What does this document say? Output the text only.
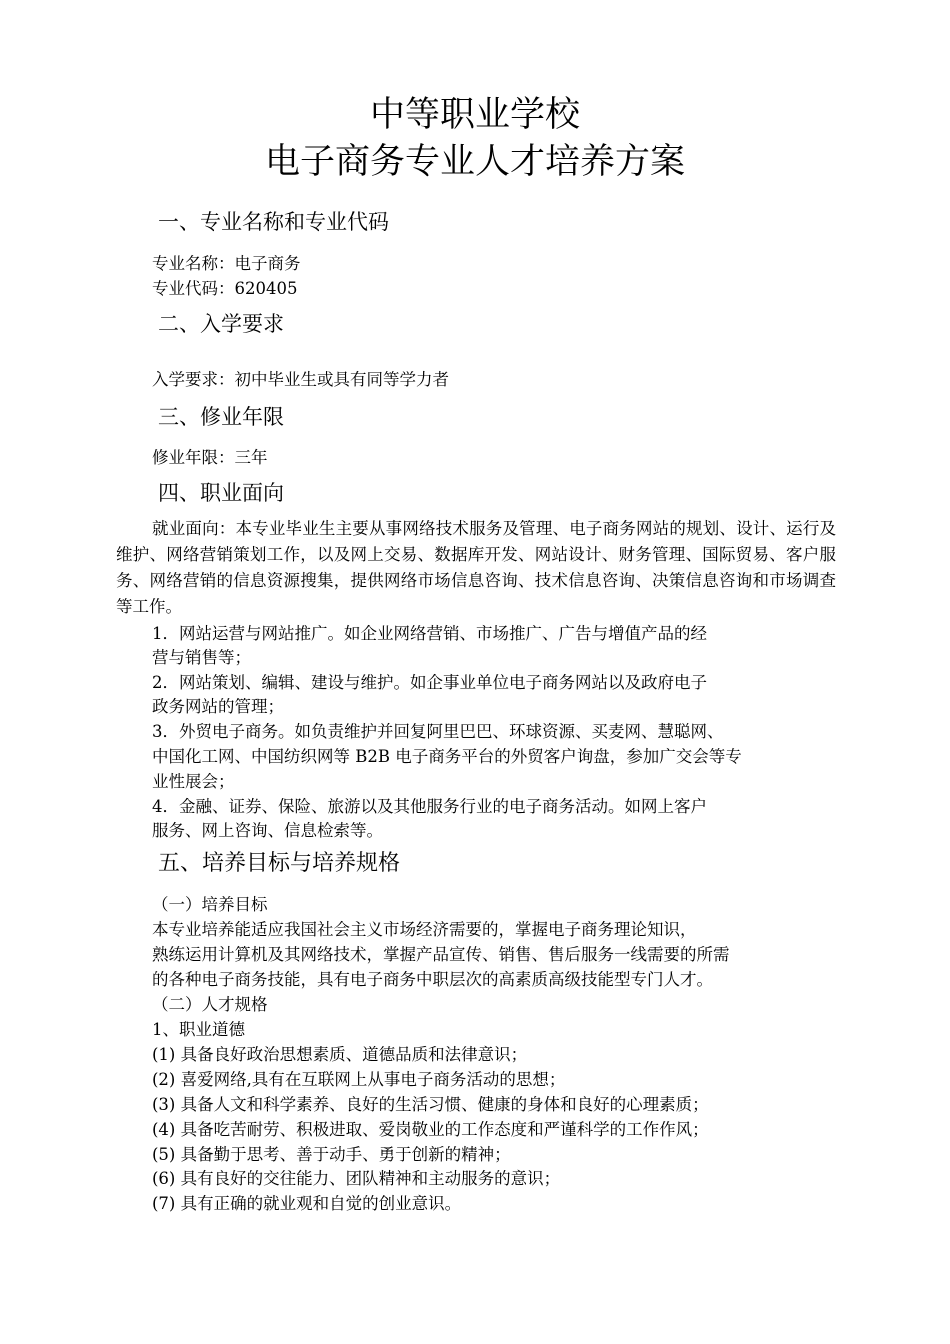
中等职业学校
电子商务专业人才培养方案
一、专业名称和专业代码
专业名称：电子商务
专业代码：620405
二、入学要求
入学要求：初中毕业生或具有同等学力者
三、修业年限
修业年限：三年
四、职业面向
就业面向：本专业毕业生主要从事网络技术服务及管理、电子商务网站的规划、设计、运行及维护、网络营销策划工作，以及网上交易、数据库开发、网站设计、财务管理、国际贸易、客户服务、网络营销的信息资源搜集，提供网络市场信息咨询、技术信息咨询、决策信息咨询和市场调查等工作。
1．网站运营与网站推广。如企业网络营销、市场推广、广告与增值产品的经
营与销售等；
2．网站策划、编辑、建设与维护。如企事业单位电子商务网站以及政府电子
政务网站的管理；
3．外贸电子商务。如负责维护并回复阿里巴巴、环球资源、买麦网、慧聪网、
中国化工网、中国纺织网等 B2B 电子商务平台的外贸客户询盘，参加广交会等专
业性展会；
4．金融、证券、保险、旅游以及其他服务行业的电子商务活动。如网上客户
服务、网上咨询、信息检索等。
五、培养目标与培养规格
（一）培养目标
本专业培养能适应我国社会主义市场经济需要的，掌握电子商务理论知识，
熟练运用计算机及其网络技术，掌握产品宣传、销售、售后服务一线需要的所需
的各种电子商务技能，具有电子商务中职层次的高素质高级技能型专门人才。
（二）人才规格
1、职业道德
(1) 具备良好政治思想素质、道德品质和法律意识；
(2) 喜爱网络,具有在互联网上从事电子商务活动的思想；
(3) 具备人文和科学素养、良好的生活习惯、健康的身体和良好的心理素质；
(4) 具备吃苦耐劳、积极进取、爱岗敬业的工作态度和严谨科学的工作作风；
(5) 具备勤于思考、善于动手、勇于创新的精神；
(6) 具有良好的交往能力、团队精神和主动服务的意识；
(7) 具有正确的就业观和自觉的创业意识。
